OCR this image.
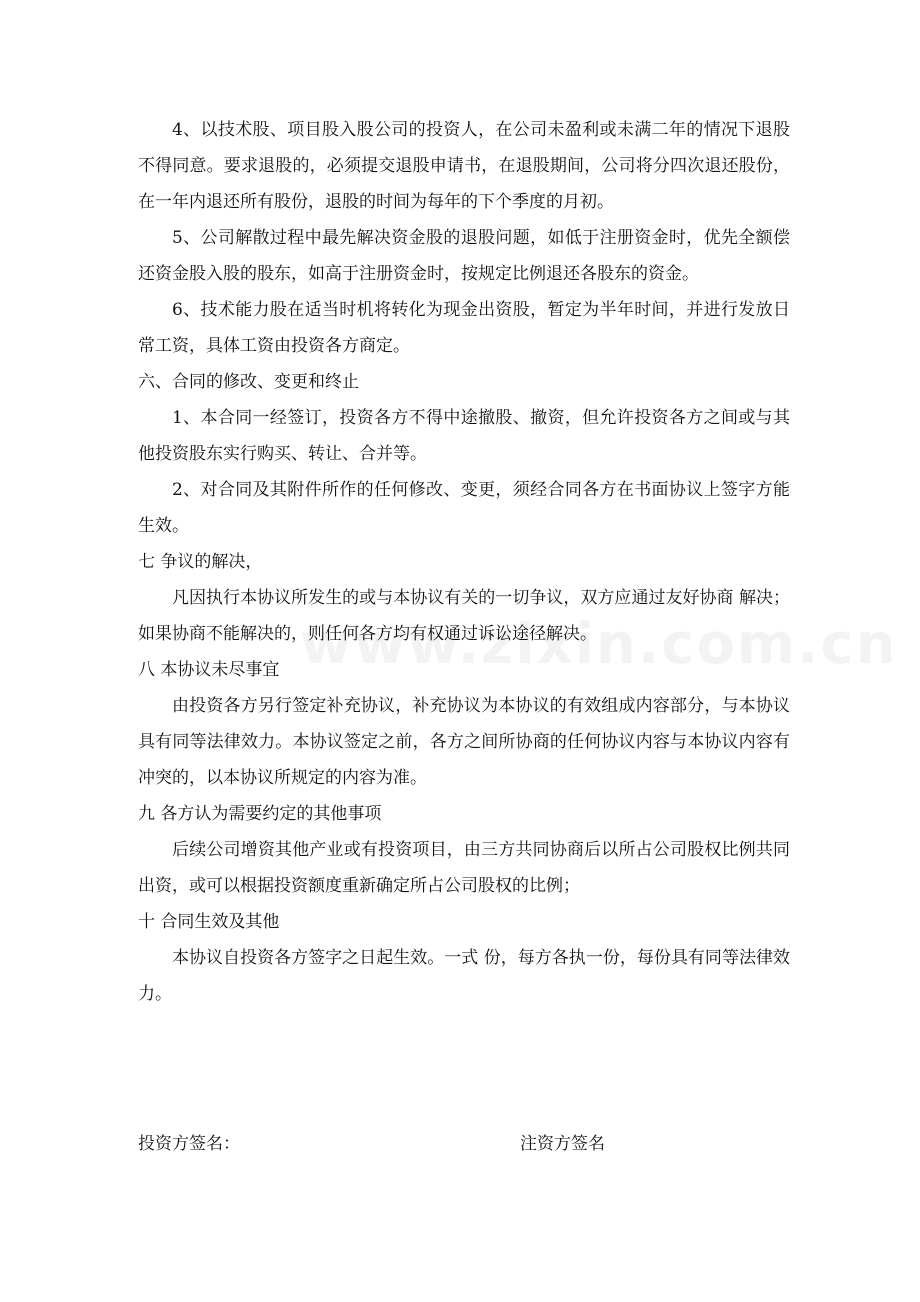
4、以技术股、项目股入股公司的投资人，在公司未盈利或未满二年的情况下退股不得同意。要求退股的，必须提交退股申请书，在退股期间，公司将分四次退还股份，在一年内退还所有股份，退股的时间为每年的下个季度的月初。

5、公司解散过程中最先解决资金股的退股问题，如低于注册资金时，优先全额偿还资金股入股的股东，如高于注册资金时，按规定比例退还各股东的资金。

6、技术能力股在适当时机将转化为现金出资股，暂定为半年时间，并进行发放日常工资，具体工资由投资各方商定。

六、合同的修改、变更和终止

1、本合同一经签订，投资各方不得中途撤股、撤资，但允许投资各方之间或与其他投资股东实行购买、转让、合并等。

2、对合同及其附件所作的任何修改、变更，须经合同各方在书面协议上签字方能生效。

七 争议的解决，

凡因执行本协议所发生的或与本协议有关的一切争议，双方应通过友好协商 解决；如果协商不能解决的，则任何各方均有权通过诉讼途径解决。

八 本协议未尽事宜

由投资各方另行签定补充协议，补充协议为本协议的有效组成内容部分，与本协议具有同等法律效力。本协议签定之前，各方之间所协商的任何协议内容与本协议内容有冲突的，以本协议所规定的内容为准。

九 各方认为需要约定的其他事项

后续公司增资其他产业或有投资项目，由三方共同协商后以所占公司股权比例共同出资，或可以根据投资额度重新确定所占公司股权的比例；

十 合同生效及其他

本协议自投资各方签字之日起生效。一式 份，每方各执一份，每份具有同等法律效力。

投资方签名：	注资方签名
